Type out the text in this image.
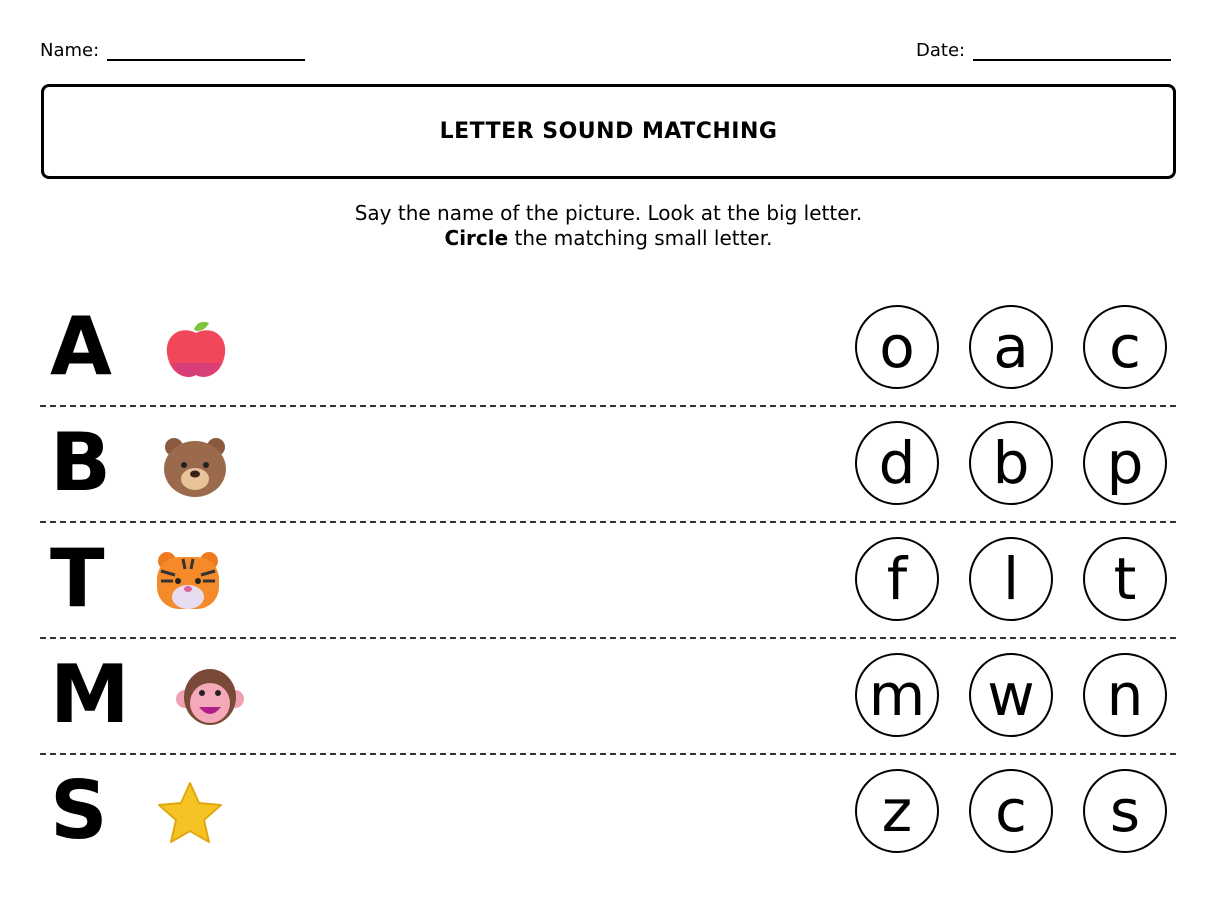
Name:	Date:
LETTER SOUND MATCHING
Say the name of the picture. Look at the big letter.
Circle the matching small letter.
A	o a c
B	d b p
T	f l t
M	m w n
S	z c s
